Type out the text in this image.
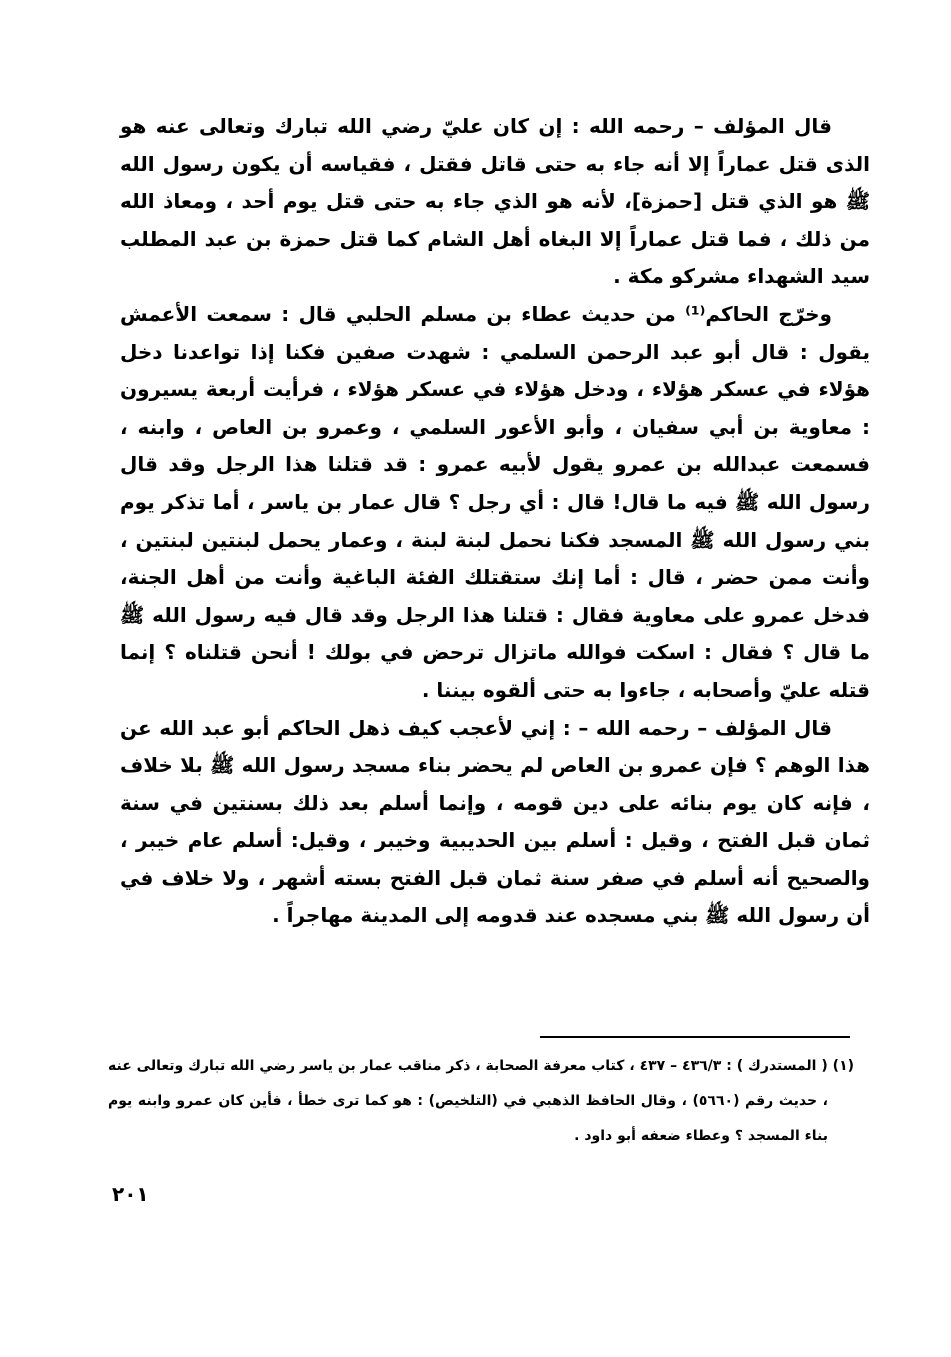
قال المؤلف – رحمه الله : إن كان عليّ رضي الله تبارك وتعالى عنه هو الذى قتل عماراً إلا أنه جاء به حتى قاتل فقتل ، فقياسه أن يكون رسول الله ﷺ هو الذي قتل [حمزة]، لأنه هو الذي جاء به حتى قتل يوم أحد ، ومعاذ الله من ذلك ، فما قتل عماراً إلا البغاه أهل الشام كما قتل حمزة بن عبد المطلب سيد الشهداء مشركو مكة .

وخرّج الحاكم⁽¹⁾ من حديث عطاء بن مسلم الحلبي قال : سمعت الأعمش يقول : قال أبو عبد الرحمن السلمي : شهدت صفين فكنا إذا تواعدنا دخل هؤلاء في عسكر هؤلاء ، ودخل هؤلاء في عسكر هؤلاء ، فرأيت أربعة يسيرون : معاوية بن أبي سفيان ، وأبو الأعور السلمي ، وعمرو بن العاص ، وابنه ، فسمعت عبدالله بن عمرو يقول لأبيه عمرو : قد قتلنا هذا الرجل وقد قال رسول الله ﷺ فيه ما قال! قال : أي رجل ؟ قال عمار بن ياسر ، أما تذكر يوم بني رسول الله ﷺ المسجد فكنا نحمل لبنة لبنة ، وعمار يحمل لبنتين لبنتين ، وأنت ممن حضر ، قال : أما إنك ستقتلك الفئة الباغية وأنت من أهل الجنة، فدخل عمرو على معاوية فقال : قتلنا هذا الرجل وقد قال فيه رسول الله ﷺ ما قال ؟ فقال : اسكت فوالله ماتزال ترحض في بولك ! أنحن قتلناه ؟ إنما قتله عليّ وأصحابه ، جاءوا به حتى ألقوه بيننا .

قال المؤلف – رحمه الله – : إني لأعجب كيف ذهل الحاكم أبو عبد الله عن هذا الوهم ؟ فإن عمرو بن العاص لم يحضر بناء مسجد رسول الله ﷺ بلا خلاف ، فإنه كان يوم بنائه على دين قومه ، وإنما أسلم بعد ذلك بسنتين في سنة ثمان قبل الفتح ، وقيل : أسلم بين الحديبية وخيبر ، وقيل: أسلم عام خيبر ، والصحيح أنه أسلم في صفر سنة ثمان قبل الفتح بسته أشهر ، ولا خلاف في أن رسول الله ﷺ بني مسجده عند قدومه إلى المدينة مهاجراً .

(١) ( المستدرك ) : ٤٣٦/٣ – ٤٣٧ ، كتاب معرفة الصحابة ، ذكر مناقب عمار بن ياسر رضي الله تبارك وتعالى عنه ، حديث رقم (٥٦٦٠) ، وقال الحافظ الذهبي في (التلخيص) : هو كما ترى خطأ ، فأين كان عمرو وابنه يوم بناء المسجد ؟ وعطاء ضعفه أبو داود .

٢٠١
